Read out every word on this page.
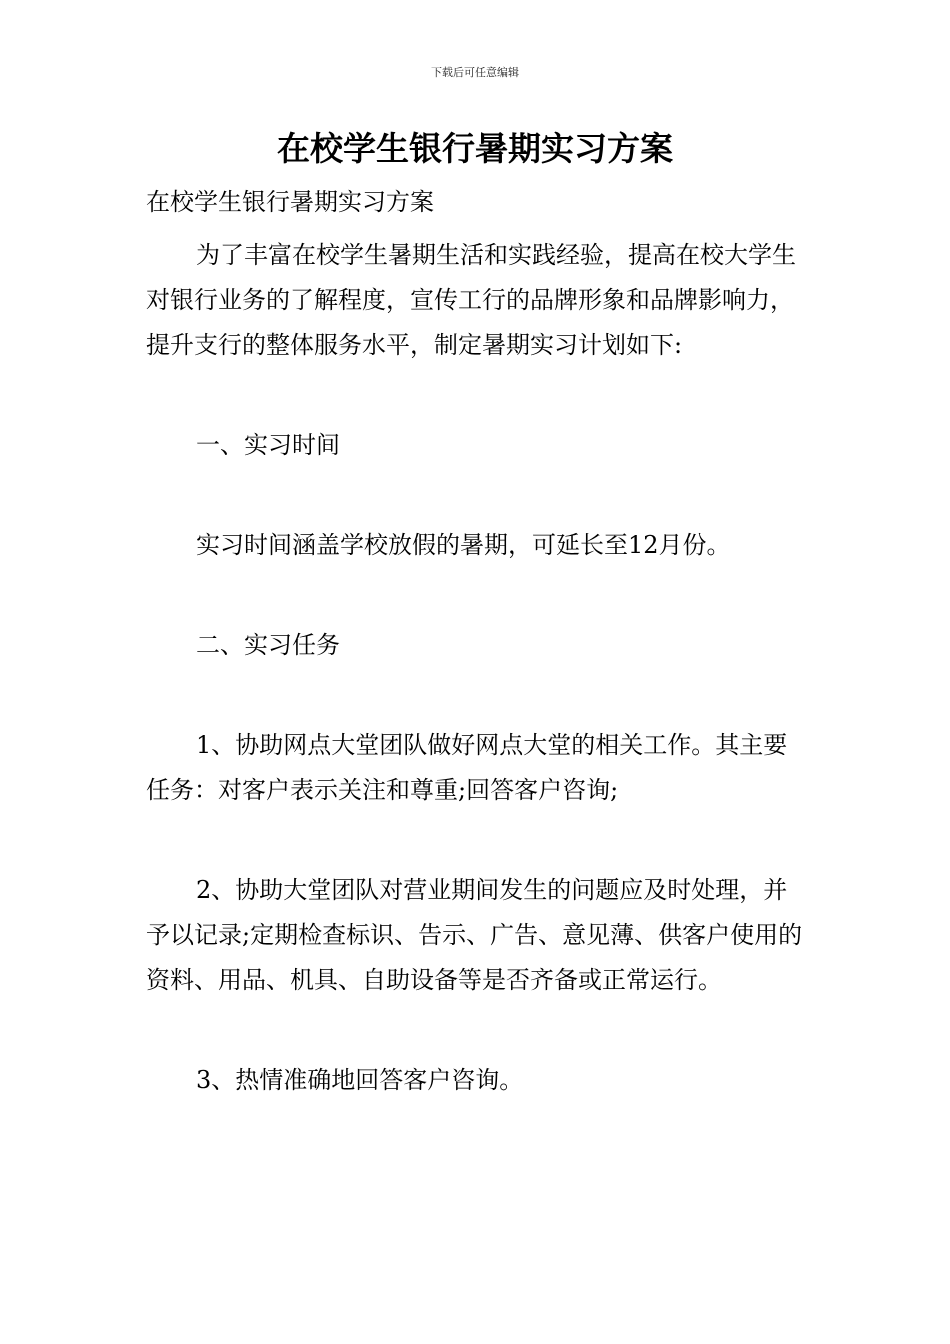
下载后可任意编辑
在校学生银行暑期实习方案

在校学生银行暑期实习方案

为了丰富在校学生暑期生活和实践经验，提高在校大学生对银行业务的了解程度，宣传工行的品牌形象和品牌影响力，提升支行的整体服务水平，制定暑期实习计划如下:

一、实习时间

实习时间涵盖学校放假的暑期，可延长至12月份。

二、实习任务

1、协助网点大堂团队做好网点大堂的相关工作。其主要任务：对客户表示关注和尊重;回答客户咨询;

2、协助大堂团队对营业期间发生的问题应及时处理，并予以记录;定期检查标识、告示、广告、意见薄、供客户使用的资料、用品、机具、自助设备等是否齐备或正常运行。

3、热情准确地回答客户咨询。
